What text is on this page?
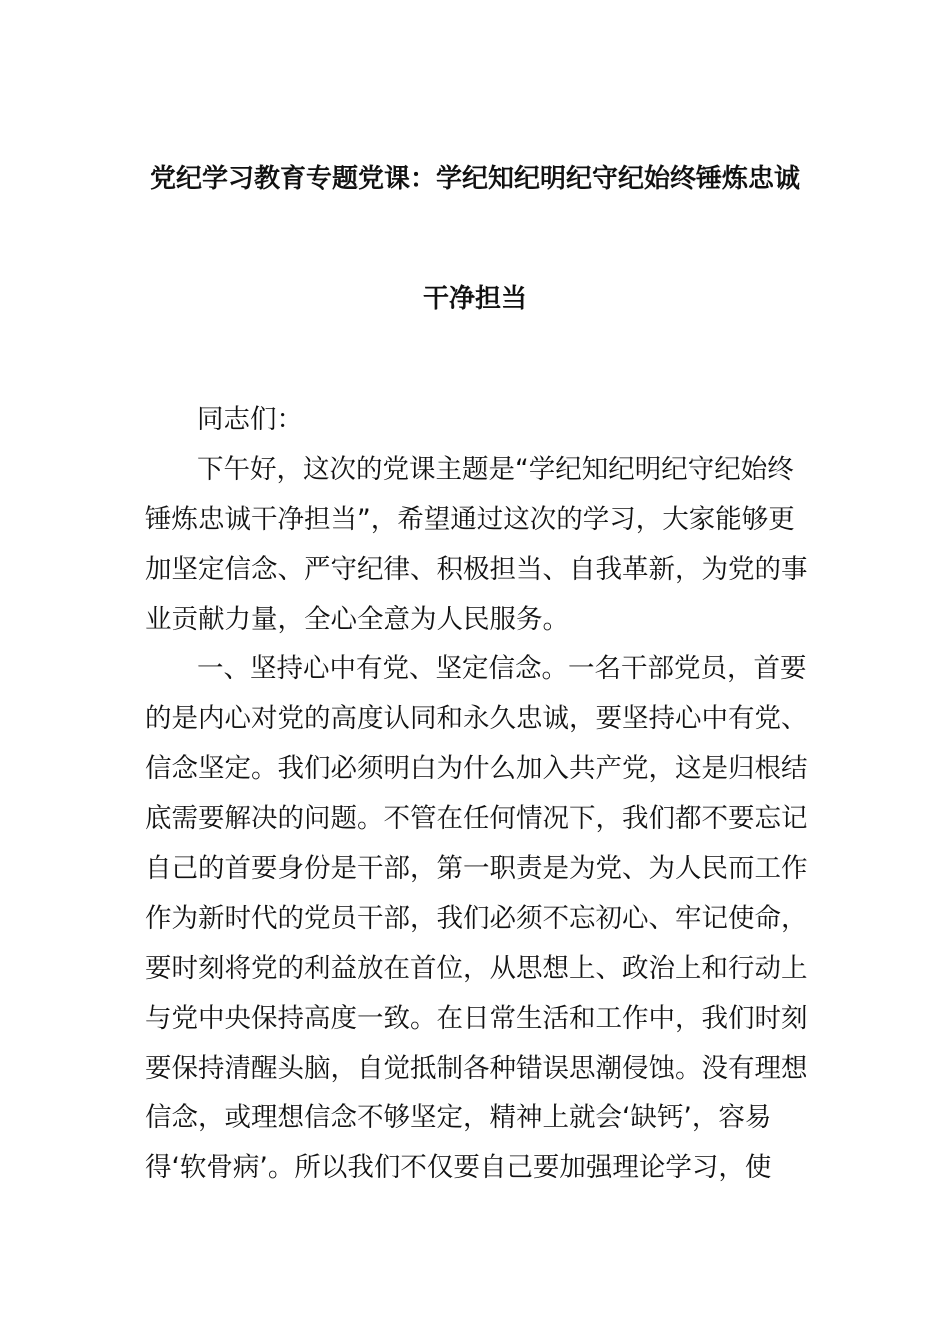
党纪学习教育专题党课：学纪知纪明纪守纪始终锤炼忠诚
干净担当
同志们：
下午好，这次的党课主题是“学纪知纪明纪守纪始终
锤炼忠诚干净担当”，希望通过这次的学习，大家能够更
加坚定信念、严守纪律、积极担当、自我革新，为党的事
业贡献力量，全心全意为人民服务。
一、坚持心中有党、坚定信念。一名干部党员，首要
的是内心对党的高度认同和永久忠诚，要坚持心中有党、
信念坚定。我们必须明白为什么加入共产党，这是归根结
底需要解决的问题。不管在任何情况下，我们都不要忘记
自己的首要身份是干部，第一职责是为党、为人民而工作
作为新时代的党员干部，我们必须不忘初心、牢记使命，
要时刻将党的利益放在首位，从思想上、政治上和行动上
与党中央保持高度一致。在日常生活和工作中，我们时刻
要保持清醒头脑，自觉抵制各种错误思潮侵蚀。没有理想
信念，或理想信念不够坚定，精神上就会‘缺钙’，容易
得‘软骨病’。所以我们不仅要自己要加强理论学习，使
